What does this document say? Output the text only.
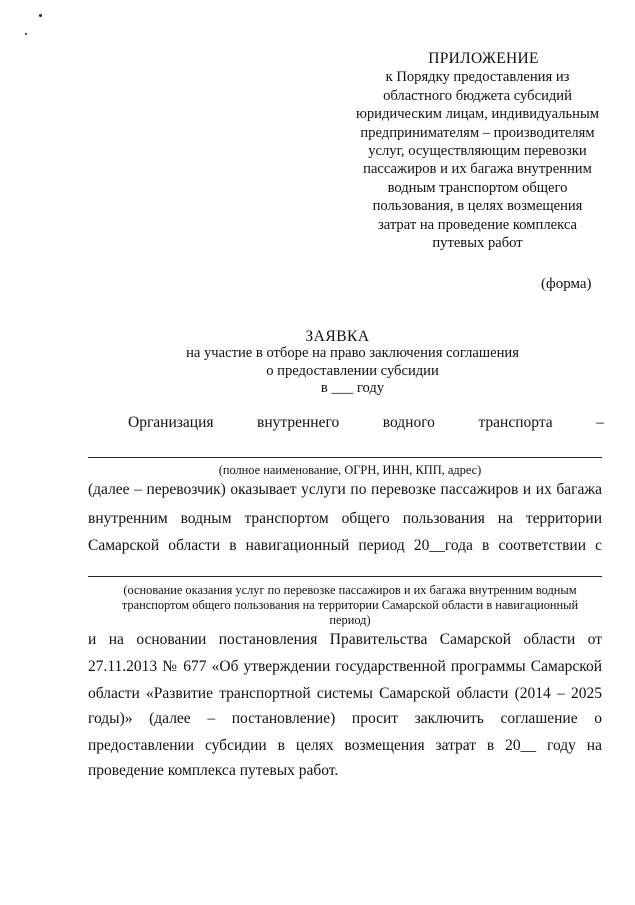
ПРИЛОЖЕНИЕ
к Порядку предоставления из
областного бюджета субсидий
юридическим лицам, индивидуальным
предпринимателям – производителям
услуг, осуществляющим перевозки
пассажиров и их багажа внутренним
водным транспортом общего
пользования, в целях возмещения
затрат на проведение комплекса
путевых работ
(форма)
ЗАЯВКА
на участие в отборе на право заключения соглашения
о предоставлении субсидии
в ___ году
Организация	внутреннего	водного	транспорта	–
(полное наименование, ОГРН, ИНН, КПП, адрес)
(далее – перевозчик) оказывает услуги по перевозке пассажиров и их багажа
внутренним водным транспортом общего пользования на территории
Самарской области в навигационный период 20__года в соответствии с
(основание оказания услуг по перевозке пассажиров и их багажа внутренним водным
транспортом общего пользования на территории Самарской области в навигационный
период)
и на основании постановления Правительства Самарской области от
27.11.2013 № 677 «Об утверждении государственной программы Самарской
области «Развитие транспортной системы Самарской области (2014 – 2025
годы)» (далее – постановление) просит заключить соглашение о
предоставлении субсидии в целях возмещения затрат в 20__ году на
проведение комплекса путевых работ.
